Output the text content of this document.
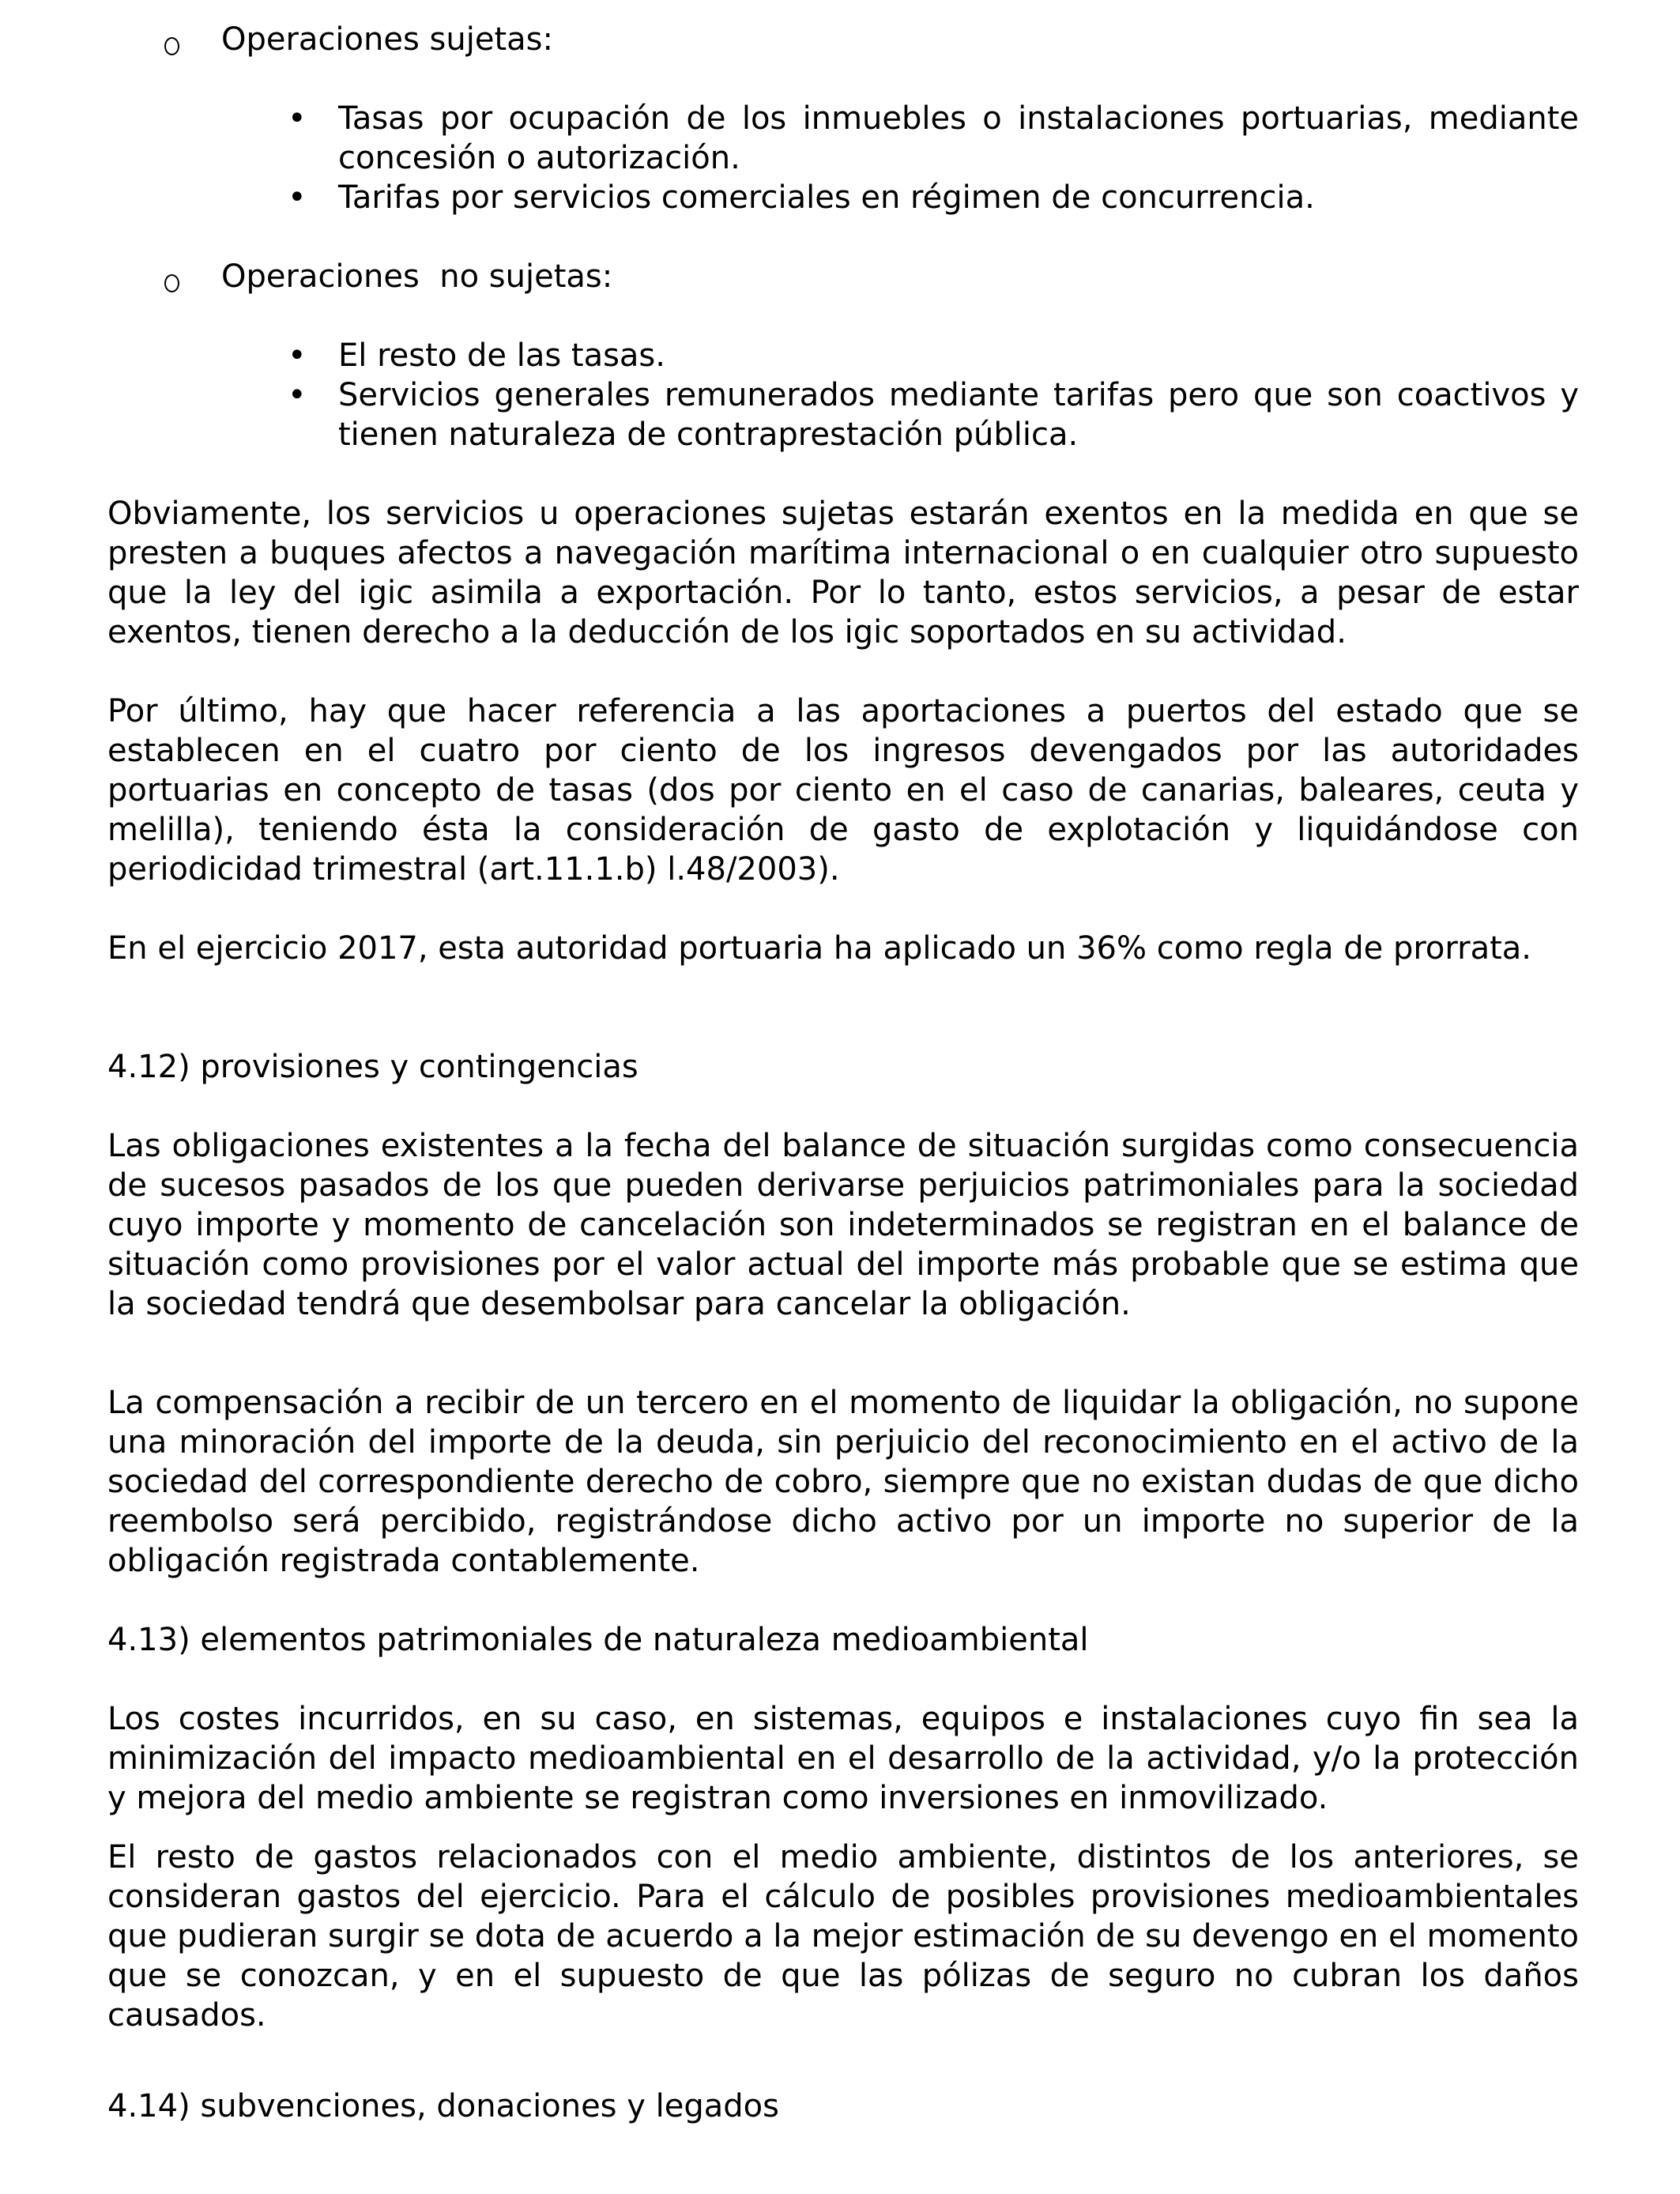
Operaciones sujetas:
•	Tasas por ocupación de los inmuebles o instalaciones portuarias, mediante concesión o autorización.
•	Tarifas por servicios comerciales en régimen de concurrencia.
Operaciones  no sujetas:
•	El resto de las tasas.
•	Servicios generales remunerados mediante tarifas pero que son coactivos y tienen naturaleza de contraprestación pública.

Obviamente, los servicios u operaciones sujetas estarán exentos en la medida en que se presten a buques afectos a navegación marítima internacional o en cualquier otro supuesto que la ley del igic asimila a exportación. Por lo tanto, estos servicios, a pesar de estar exentos, tienen derecho a la deducción de los igic soportados en su actividad.

Por último, hay que hacer referencia a las aportaciones a puertos del estado que se establecen en el cuatro por ciento de los ingresos devengados por las autoridades portuarias en concepto de tasas (dos por ciento en el caso de canarias, baleares, ceuta y melilla), teniendo ésta la consideración de gasto de explotación y liquidándose con periodicidad trimestral (art.11.1.b) l.48/2003).

En el ejercicio 2017, esta autoridad portuaria ha aplicado un 36% como regla de prorrata.

4.12) provisiones y contingencias

Las obligaciones existentes a la fecha del balance de situación surgidas como consecuencia de sucesos pasados de los que pueden derivarse perjuicios patrimoniales para la sociedad cuyo importe y momento de cancelación son indeterminados se registran en el balance de situación como provisiones por el valor actual del importe más probable que se estima que la sociedad tendrá que desembolsar para cancelar la obligación.

La compensación a recibir de un tercero en el momento de liquidar la obligación, no supone una minoración del importe de la deuda, sin perjuicio del reconocimiento en el activo de la sociedad del correspondiente derecho de cobro, siempre que no existan dudas de que dicho reembolso será percibido, registrándose dicho activo por un importe no superior de la obligación registrada contablemente.

4.13) elementos patrimoniales de naturaleza medioambiental

Los costes incurridos, en su caso, en sistemas, equipos e instalaciones cuyo fin sea la minimización del impacto medioambiental en el desarrollo de la actividad, y/o la protección y mejora del medio ambiente se registran como inversiones en inmovilizado.

El resto de gastos relacionados con el medio ambiente, distintos de los anteriores, se consideran gastos del ejercicio. Para el cálculo de posibles provisiones medioambientales que pudieran surgir se dota de acuerdo a la mejor estimación de su devengo en el momento que se conozcan, y en el supuesto de que las pólizas de seguro no cubran los daños causados.

4.14) subvenciones, donaciones y legados
